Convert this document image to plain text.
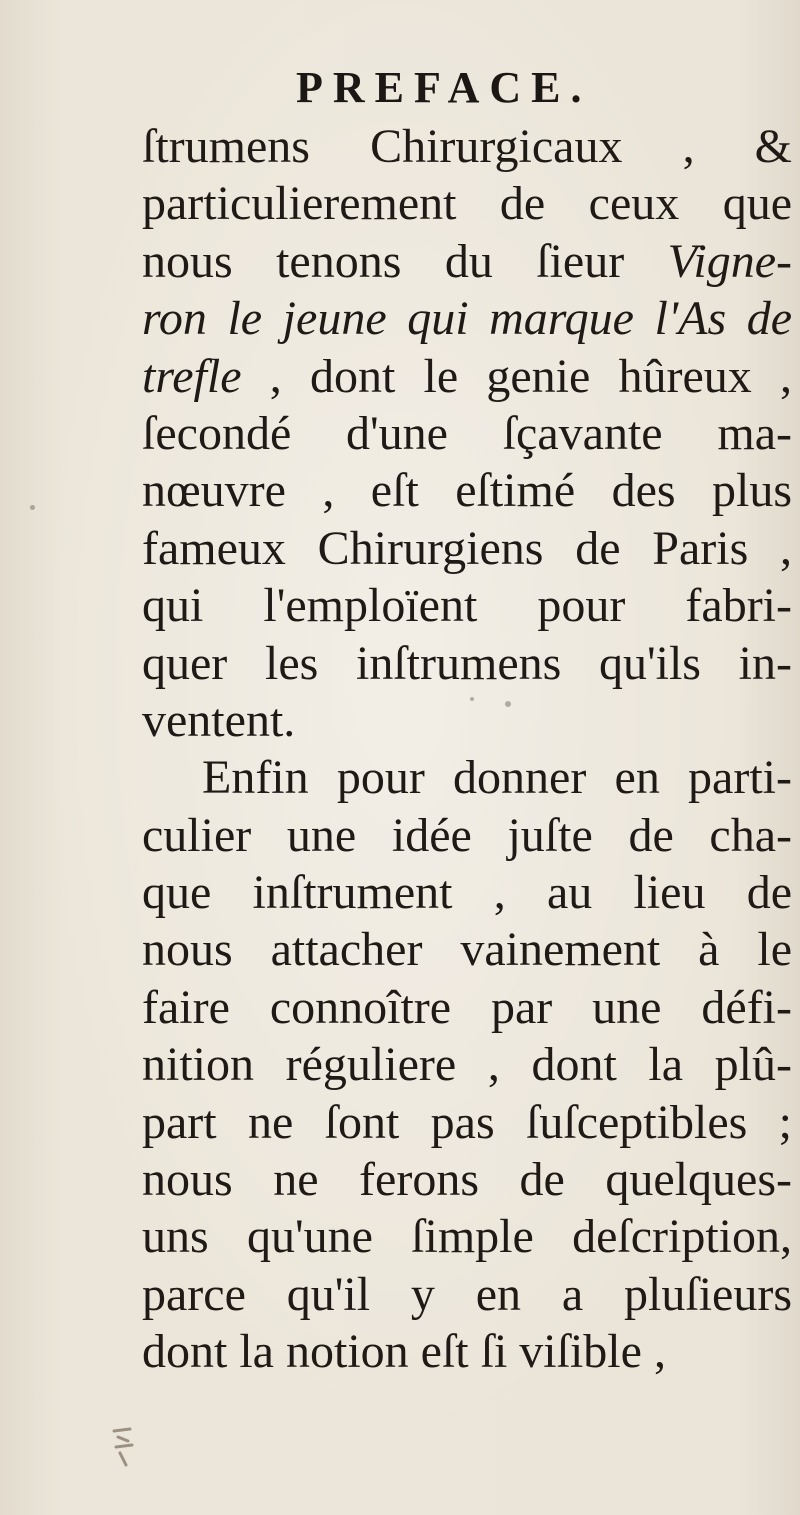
PREFACE.
ſtrumens Chirurgicaux , &
particulierement de ceux que
nous tenons du ſieur Vigne-
ron le jeune qui marque l'As de
trefle , dont le genie hûreux ,
ſecondé d'une ſçavante ma-
nœuvre , eſt eſtimé des plus
fameux Chirurgiens de Paris ,
qui l'emploïent pour fabri-
quer les inſtrumens qu'ils in-
ventent.
Enfin pour donner en parti-
culier une idée juſte de cha-
que inſtrument , au lieu de
nous attacher vainement à le
faire connoître par une défi-
nition réguliere , dont la plû-
part ne ſont pas ſuſceptibles ;
nous ne ferons de quelques-
uns qu'une ſimple deſcription,
parce qu'il y en a pluſieurs
dont la notion eſt ſi viſible ,
